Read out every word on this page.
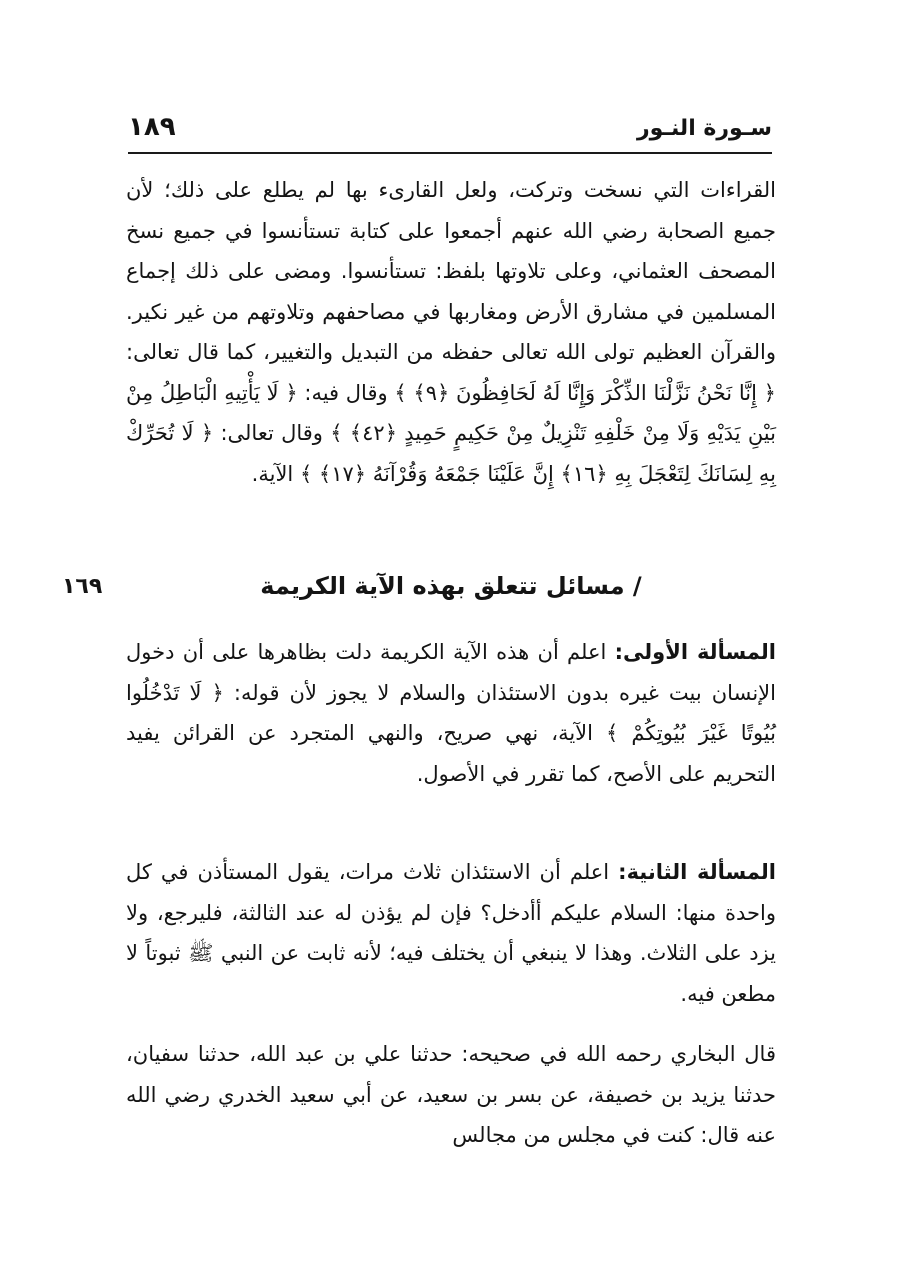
سـورة النـور
١٨٩

القراءات التي نسخت وتركت، ولعل القارىء بها لم يطلع على ذلك؛ لأن جميع الصحابة رضي الله عنهم أجمعوا على كتابة تستأنسوا في جميع نسخ المصحف العثماني، وعلى تلاوتها بلفظ: تستأنسوا. ومضى على ذلك إجماع المسلمين في مشارق الأرض ومغاربها في مصاحفهم وتلاوتهم من غير نكير. والقرآن العظيم تولى الله تعالى حفظه من التبديل والتغيير، كما قال تعالى: ﴿ إِنَّا نَحْنُ نَزَّلْنَا الذِّكْرَ وَإِنَّا لَهُ لَحَافِظُونَ ﴿٩﴾ ﴾ وقال فيه: ﴿ لَا يَأْتِيهِ الْبَاطِلُ مِنْ بَيْنِ يَدَيْهِ وَلَا مِنْ خَلْفِهِ تَنْزِيلٌ مِنْ حَكِيمٍ حَمِيدٍ ﴿٤٢﴾ ﴾ وقال تعالى: ﴿ لَا تُحَرِّكْ بِهِ لِسَانَكَ لِتَعْجَلَ بِهِ ﴿١٦﴾ إِنَّ عَلَيْنَا جَمْعَهُ وَقُرْآنَهُ ﴿١٧﴾ ﴾ الآية.

/ مسائل تتعلق بهذه الآية الكريمة
١٦٩

المسألة الأولى: اعلم أن هذه الآية الكريمة دلت بظاهرها على أن دخول الإنسان بيت غيره بدون الاستئذان والسلام لا يجوز لأن قوله: ﴿ لَا تَدْخُلُوا بُيُوتًا غَيْرَ بُيُوتِكُمْ ﴾ الآية، نهي صريح، والنهي المتجرد عن القرائن يفيد التحريم على الأصح، كما تقرر في الأصول.

المسألة الثانية: اعلم أن الاستئذان ثلاث مرات، يقول المستأذن في كل واحدة منها: السلام عليكم أأدخل؟ فإن لم يؤذن له عند الثالثة، فليرجع، ولا يزد على الثلاث. وهذا لا ينبغي أن يختلف فيه؛ لأنه ثابت عن النبي ﷺ ثبوتاً لا مطعن فيه.

قال البخاري رحمه الله في صحيحه: حدثنا علي بن عبد الله، حدثنا سفيان، حدثنا يزيد بن خصيفة، عن بسر بن سعيد، عن أبي سعيد الخدري رضي الله عنه قال: كنت في مجلس من مجالس
